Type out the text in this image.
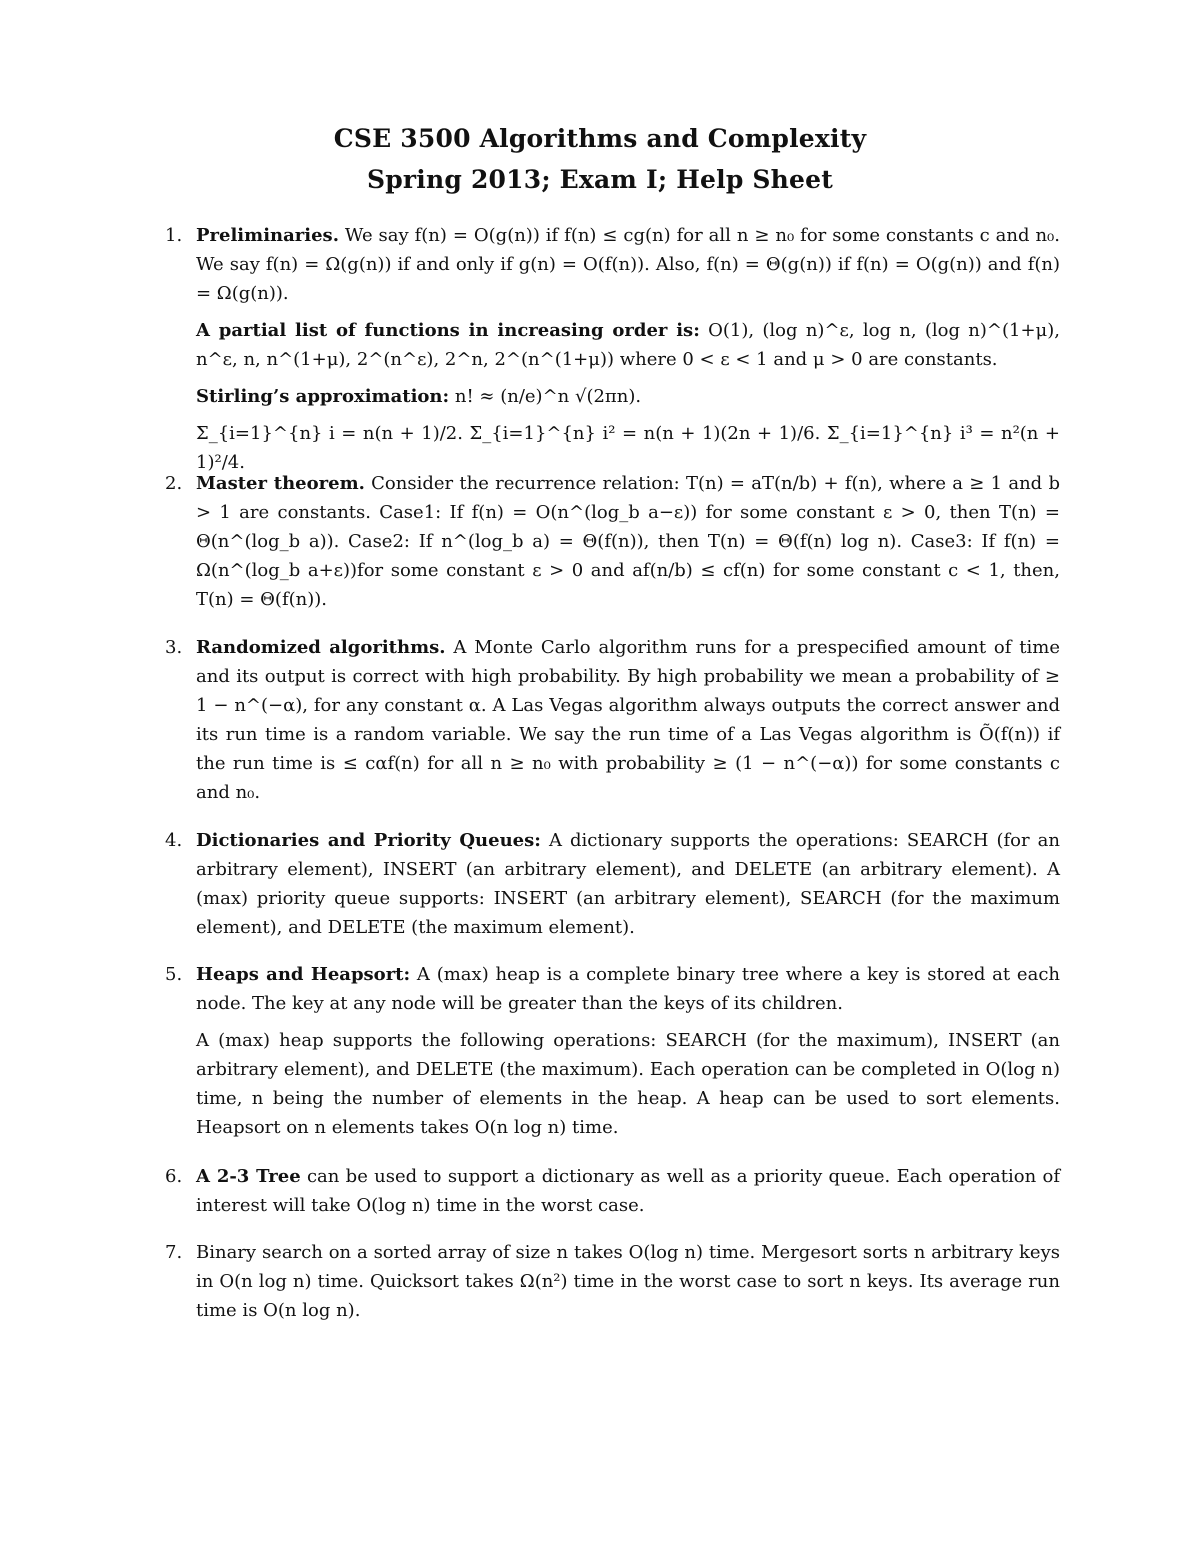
CSE 3500 Algorithms and Complexity
Spring 2013; Exam I; Help Sheet
1. Preliminaries. We say f(n) = O(g(n)) if f(n) ≤ cg(n) for all n ≥ n₀ for some constants c and n₀. We say f(n) = Ω(g(n)) if and only if g(n) = O(f(n)). Also, f(n) = Θ(g(n)) if f(n) = O(g(n)) and f(n) = Ω(g(n)).

A partial list of functions in increasing order is: O(1), (log n)^ε, log n, (log n)^(1+μ), n^ε, n, n^(1+μ), 2^(n^ε), 2^n, 2^(n^(1+μ)) where 0 < ε < 1 and μ > 0 are constants.

Stirling’s approximation: n! ≈ (n/e)^n √(2πn).

Σ_{i=1}^{n} i = n(n + 1)/2. Σ_{i=1}^{n} i² = n(n + 1)(2n + 1)/6. Σ_{i=1}^{n} i³ = n²(n + 1)²/4.

2. Master theorem. Consider the recurrence relation: T(n) = aT(n/b) + f(n), where a ≥ 1 and b > 1 are constants. Case1: If f(n) = O(n^(log_b a−ε)) for some constant ε > 0, then T(n) = Θ(n^(log_b a)). Case2: If n^(log_b a) = Θ(f(n)), then T(n) = Θ(f(n) log n). Case3: If f(n) = Ω(n^(log_b a+ε))for some constant ε > 0 and af(n/b) ≤ cf(n) for some constant c < 1, then, T(n) = Θ(f(n)).

3. Randomized algorithms. A Monte Carlo algorithm runs for a prespecified amount of time and its output is correct with high probability. By high probability we mean a probability of ≥ 1 − n^(−α), for any constant α. A Las Vegas algorithm always outputs the correct answer and its run time is a random variable. We say the run time of a Las Vegas algorithm is Õ(f(n)) if the run time is ≤ cαf(n) for all n ≥ n₀ with probability ≥ (1 − n^(−α)) for some constants c and n₀.

4. Dictionaries and Priority Queues: A dictionary supports the operations: SEARCH (for an arbitrary element), INSERT (an arbitrary element), and DELETE (an arbitrary element). A (max) priority queue supports: INSERT (an arbitrary element), SEARCH (for the maximum element), and DELETE (the maximum element).

5. Heaps and Heapsort: A (max) heap is a complete binary tree where a key is stored at each node. The key at any node will be greater than the keys of its children.

A (max) heap supports the following operations: SEARCH (for the maximum), INSERT (an arbitrary element), and DELETE (the maximum). Each operation can be completed in O(log n) time, n being the number of elements in the heap. A heap can be used to sort elements. Heapsort on n elements takes O(n log n) time.

6. A 2-3 Tree can be used to support a dictionary as well as a priority queue. Each operation of interest will take O(log n) time in the worst case.

7. Binary search on a sorted array of size n takes O(log n) time. Mergesort sorts n arbitrary keys in O(n log n) time. Quicksort takes Ω(n²) time in the worst case to sort n keys. Its average run time is O(n log n).
